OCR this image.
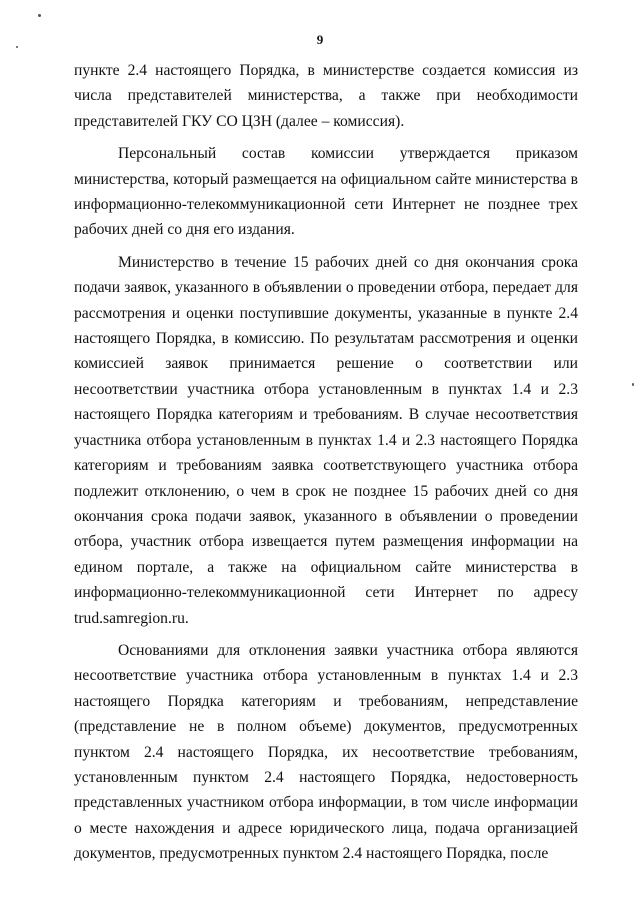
9

пункте 2.4 настоящего Порядка, в министерстве создается комиссия из числа представителей министерства, а также при необходимости представителей ГКУ СО ЦЗН (далее – комиссия).

Персональный состав комиссии утверждается приказом министерства, который размещается на официальном сайте министерства в информационно-телекоммуникационной сети Интернет не позднее трех рабочих дней со дня его издания.

Министерство в течение 15 рабочих дней со дня окончания срока подачи заявок, указанного в объявлении о проведении отбора, передает для рассмотрения и оценки поступившие документы, указанные в пункте 2.4 настоящего Порядка, в комиссию. По результатам рассмотрения и оценки комиссией заявок принимается решение о соответствии или несоответствии участника отбора установленным в пунктах 1.4 и 2.3 настоящего Порядка категориям и требованиям. В случае несоответствия участника отбора установленным в пунктах 1.4 и 2.3 настоящего Порядка категориям и требованиям заявка соответствующего участника отбора подлежит отклонению, о чем в срок не позднее 15 рабочих дней со дня окончания срока подачи заявок, указанного в объявлении о проведении отбора, участник отбора извещается путем размещения информации на едином портале, а также на официальном сайте министерства в информационно-телекоммуникационной сети Интернет по адресу trud.samregion.ru.

Основаниями для отклонения заявки участника отбора являются несоответствие участника отбора установленным в пунктах 1.4 и 2.3 настоящего Порядка категориям и требованиям, непредставление (представление не в полном объеме) документов, предусмотренных пунктом 2.4 настоящего Порядка, их несоответствие требованиям, установленным пунктом 2.4 настоящего Порядка, недостоверность представленных участником отбора информации, в том числе информации о месте нахождения и адресе юридического лица, подача организацией документов, предусмотренных пунктом 2.4 настоящего Порядка, после
